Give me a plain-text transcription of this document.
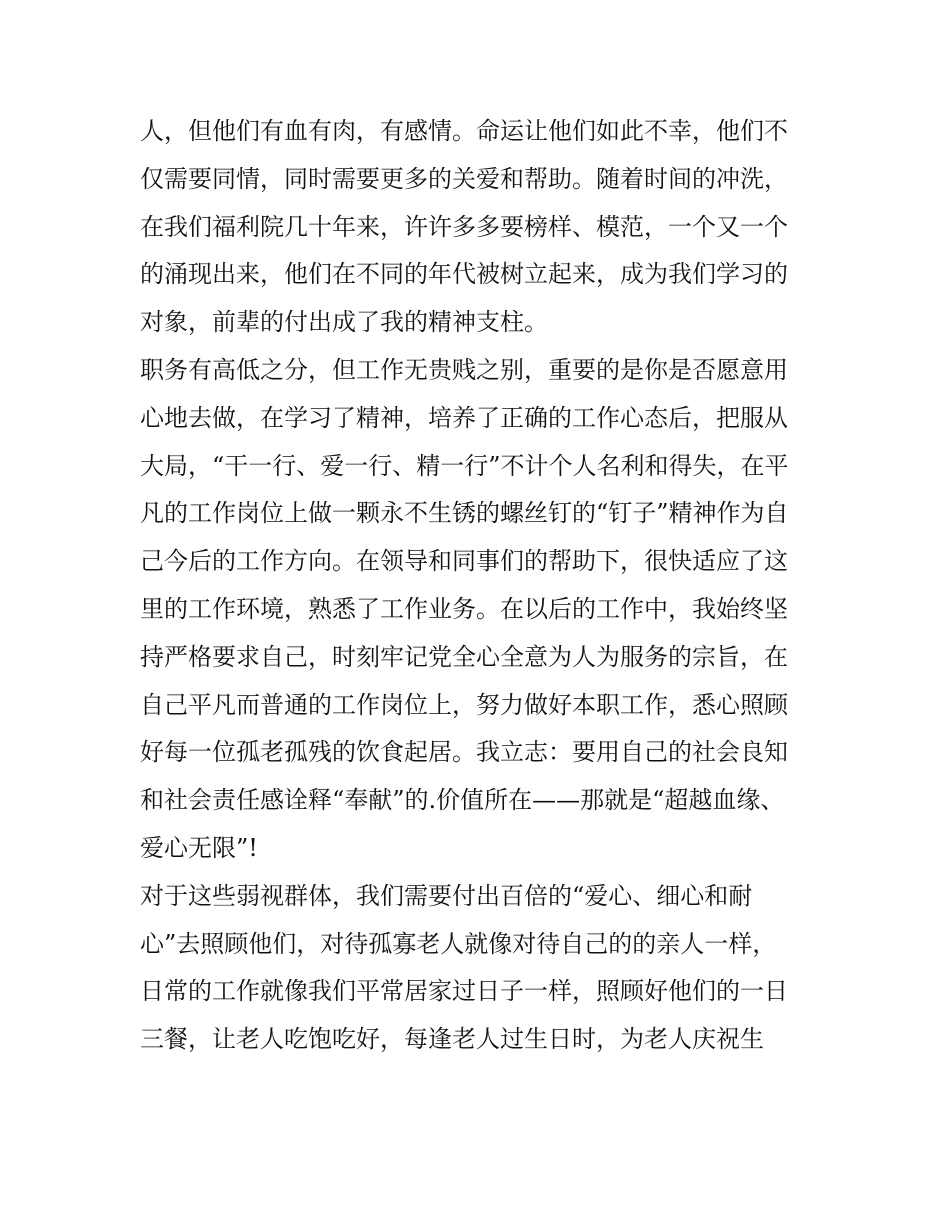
人，但他们有血有肉，有感情。命运让他们如此不幸，他们不
仅需要同情，同时需要更多的关爱和帮助。随着时间的冲洗，
在我们福利院几十年来，许许多多要榜样、模范，一个又一个
的涌现出来，他们在不同的年代被树立起来，成为我们学习的
对象，前辈的付出成了我的精神支柱。
职务有高低之分，但工作无贵贱之别，重要的是你是否愿意用
心地去做，在学习了精神，培养了正确的工作心态后，把服从
大局，“干一行、爱一行、精一行”不计个人名利和得失，在平
凡的工作岗位上做一颗永不生锈的螺丝钉的“钉子”精神作为自
己今后的工作方向。在领导和同事们的帮助下，很快适应了这
里的工作环境，熟悉了工作业务。在以后的工作中，我始终坚
持严格要求自己，时刻牢记党全心全意为人为服务的宗旨，在
自己平凡而普通的工作岗位上，努力做好本职工作，悉心照顾
好每一位孤老孤残的饮食起居。我立志：要用自己的社会良知
和社会责任感诠释“奉献”的.价值所在——那就是“超越血缘、
爱心无限”!
对于这些弱视群体，我们需要付出百倍的“爱心、细心和耐
心”去照顾他们，对待孤寡老人就像对待自己的的亲人一样，
日常的工作就像我们平常居家过日子一样，照顾好他们的一日
三餐，让老人吃饱吃好，每逢老人过生日时，为老人庆祝生
